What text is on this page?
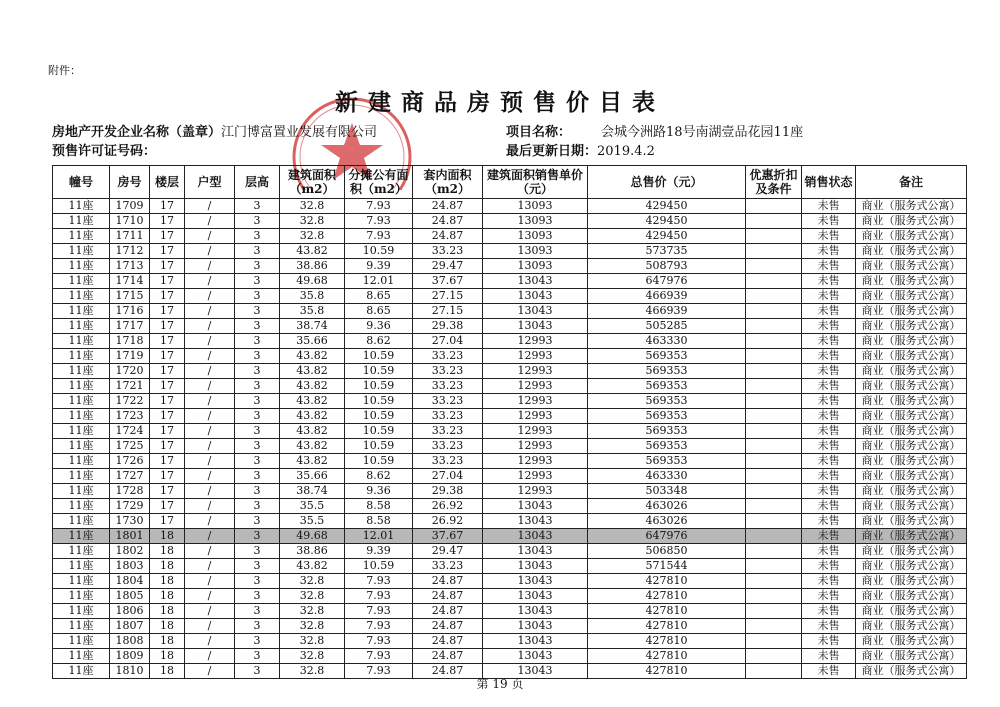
附件：
新建商品房预售价目表
房地产开发企业名称（盖章）江门博富置业发展有限公司
预售许可证号码：
项目名称： 会城今洲路18号南湖壹品花园11座
最后更新日期：2019.4.2
幢号	房号	楼层	户型	层高	建筑面积（m2）	分摊公有面积（m2）	套内面积（m2）	建筑面积销售单价（元）	总售价（元）	优惠折扣及条件	销售状态	备注
11座	1709	17	/	3	32.8	7.93	24.87	13093	429450		未售	商业（服务式公寓）
11座	1710	17	/	3	32.8	7.93	24.87	13093	429450		未售	商业（服务式公寓）
11座	1711	17	/	3	32.8	7.93	24.87	13093	429450		未售	商业（服务式公寓）
11座	1712	17	/	3	43.82	10.59	33.23	13093	573735		未售	商业（服务式公寓）
11座	1713	17	/	3	38.86	9.39	29.47	13093	508793		未售	商业（服务式公寓）
11座	1714	17	/	3	49.68	12.01	37.67	13043	647976		未售	商业（服务式公寓）
11座	1715	17	/	3	35.8	8.65	27.15	13043	466939		未售	商业（服务式公寓）
11座	1716	17	/	3	35.8	8.65	27.15	13043	466939		未售	商业（服务式公寓）
11座	1717	17	/	3	38.74	9.36	29.38	13043	505285		未售	商业（服务式公寓）
11座	1718	17	/	3	35.66	8.62	27.04	12993	463330		未售	商业（服务式公寓）
11座	1719	17	/	3	43.82	10.59	33.23	12993	569353		未售	商业（服务式公寓）
11座	1720	17	/	3	43.82	10.59	33.23	12993	569353		未售	商业（服务式公寓）
11座	1721	17	/	3	43.82	10.59	33.23	12993	569353		未售	商业（服务式公寓）
11座	1722	17	/	3	43.82	10.59	33.23	12993	569353		未售	商业（服务式公寓）
11座	1723	17	/	3	43.82	10.59	33.23	12993	569353		未售	商业（服务式公寓）
11座	1724	17	/	3	43.82	10.59	33.23	12993	569353		未售	商业（服务式公寓）
11座	1725	17	/	3	43.82	10.59	33.23	12993	569353		未售	商业（服务式公寓）
11座	1726	17	/	3	43.82	10.59	33.23	12993	569353		未售	商业（服务式公寓）
11座	1727	17	/	3	35.66	8.62	27.04	12993	463330		未售	商业（服务式公寓）
11座	1728	17	/	3	38.74	9.36	29.38	12993	503348		未售	商业（服务式公寓）
11座	1729	17	/	3	35.5	8.58	26.92	13043	463026		未售	商业（服务式公寓）
11座	1730	17	/	3	35.5	8.58	26.92	13043	463026		未售	商业（服务式公寓）
11座	1801	18	/	3	49.68	12.01	37.67	13043	647976		未售	商业（服务式公寓）
11座	1802	18	/	3	38.86	9.39	29.47	13043	506850		未售	商业（服务式公寓）
11座	1803	18	/	3	43.82	10.59	33.23	13043	571544		未售	商业（服务式公寓）
11座	1804	18	/	3	32.8	7.93	24.87	13043	427810		未售	商业（服务式公寓）
11座	1805	18	/	3	32.8	7.93	24.87	13043	427810		未售	商业（服务式公寓）
11座	1806	18	/	3	32.8	7.93	24.87	13043	427810		未售	商业（服务式公寓）
11座	1807	18	/	3	32.8	7.93	24.87	13043	427810		未售	商业（服务式公寓）
11座	1808	18	/	3	32.8	7.93	24.87	13043	427810		未售	商业（服务式公寓）
11座	1809	18	/	3	32.8	7.93	24.87	13043	427810		未售	商业（服务式公寓）
11座	1810	18	/	3	32.8	7.93	24.87	13043	427810		未售	商业（服务式公寓）
第 19 页
